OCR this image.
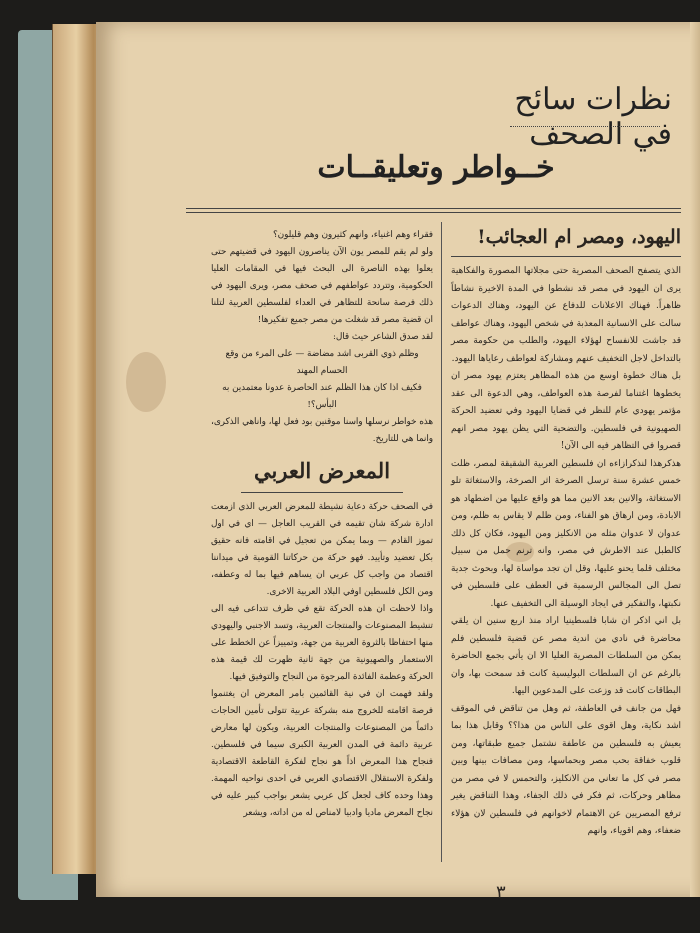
نظرات سائح في الصحف
خــواطر وتعليقــات
اليهود، ومصر ام العجائب!

الذي يتصفح الصحف المصرية حتى مجلاتها المصورة والفكاهية يرى ان اليهود في مصر قد نشطوا في المدة الاخيرة نشاطاً ظاهراً. فهناك الاعلانات للدفاع عن اليهود، وهناك الدعوات سالت على الانسانية المعذبة في شخص اليهود، وهناك عواطف قد جاشت للانفساح لهؤلاء اليهود، والطلب من حكومة مصر بالتداخل لاجل التخفيف عنهم ومشاركة لعواطف رعاياها اليهود.

بل هناك خطوة اوسع من هذه المظاهر يعتزم يهود مصر ان يخطوها اغتناما لفرصة هذه العواطف، وهي الدعوة الى عقد مؤتمر يهودي عام للنظر في قضايا اليهود وفي تعضيد الحركة الصهيونية في فلسطين. والتضحية التي يظن يهود مصر انهم قصروا في التظاهر فيه الى الآن!

هذكرهذا لنذكرازاءه ان فلسطين العربية الشقيقة لمصر، ظلت خمس عشرة سنة ترسل الصرخة اثر الصرخة، والاستغاثة تلو الاستغاثة، والانين بعد الانين مما هو واقع عليها من اضطهاد هو الابادة، ومن ارهاق هو الفناء، ومن ظلم لا يقاس به ظلم، ومن عدوان لا عدوان مثله من الانكليز ومن اليهود، فكان كل ذلك كالطبل عند الاطرش في مصر، وانه ترنم حمل من سبيل مختلف قلما يحنو عليها، وقل ان تجد مواساة لها، وبحوث جدية تصل الى المجالس الرسمية في العطف على فلسطين في نكبتها، والتفكير في ايجاد الوسيلة الى التخفيف عنها.

بل اني اذكر ان شابا فلسطينيا اراد منذ اربع سنين ان يلقي محاضرة في نادي من اندية مصر عن قضية فلسطين فلم يمكن من السلطات المصرية العليا الا ان يأتي بجمع الحاضرة بالرغم عن ان السلطات البوليسية كانت قد سمحت بها، وان البطاقات كانت قد وزعت على المدعوين اليها.

فهل من جانف في العاطفة، ثم وهل من تناقض في الموقف اشد نكاية، وهل اقوى على الناس من هذا؟؟ وقابل هذا بما يعيش به فلسطين من عاطفة نشتمل جميع طبقاتها، ومن قلوب خفاقة بحب مصر وبحماسها، ومن مصافات بينها وبين مصر في كل ما تعاني من الانكليز، والتحمس لا في مصر من مظاهر وحركات، ثم فكر في ذلك الجفاء، وهذا التناقض يغير ترفع المصريين عن الاهتمام لاخوانهم في فلسطين لان هؤلاء ضعفاء، وهم اقوياء، وانهم

فقراء وهم اغنياء، وانهم كثيرون وهم قليلون؟

ولو لم يقم للمصر يون الآن يناصرون اليهود في قضيتهم حتى يعلوا بهذه الناصرة الى البحث فيها في المقامات العليا الحكومية، وتتردد عواطفهم في صحف مصر، ويرى اليهود في ذلك فرصة سانحة للتظاهر في العداء لفلسطين العربية لتلنا ان قضية مصر قد شغلت من مصر جميع تفكيرها!

لقد صدق الشاعر حيث قال:

وظلم ذوي القربى اشد مضاضة — على المرء من وقع الحسام المهند

فكيف اذا كان هذا الظلم عند الحاصرة عدونا معتمدين به البأس؟!

هذه خواطر نرسلها واسنا موقنين بود فعل لها، واناهي الذكرى، وانما هي للتاريخ.

المعرض العربي

في الصحف حركة دعاية نشيطة للمعرض العربي الذي ازمعت ادارة شركة شان تقيمه في القريب العاجل — اي في اول تموز القادم — وبما يمكن من تعجيل في اقامته فانه حقيق بكل تعضيد وتأييد. فهو حركة من حركاتنا القومية في ميداننا اقتصاد من واجب كل عربي ان يساهم فيها بما له وعطفه، ومن الكل فلسطين اوفي البلاد العربية الاخرى.

واذا لاحظت ان هذه الحركة تقع في ظرف تتداعى فيه الى تنشيط المصنوعات والمنتجات العربية، وتسد الاجنبي واليهودي منها احتفاظا بالثروة العربية من جهة، وتمييزاً عن الخطط على الاستعمار والصهيونية من جهة ثانية ظهرت لك قيمة هذه الحركة وعظمة الفائدة المرجوة من النجاح والتوفيق فيها.

ولقد فهمت ان في نية القائمين بامر المعرض ان يغتنموا فرصة اقامته للخروج منه بشركة عربية تتولى تأمين الحاجات دائماً من المصنوعات والمنتجات العربية، ويكون لها معارض عربية دائمة في المدن العربية الكبرى سيما في فلسطين. فنجاح هذا المعرض اذاً هو نجاح لفكرة القاطعة الاقتصادية ولفكرة الاستقلال الاقتصادي العربي في احدى نواحيه المهمة. وهذا وحده كاف لجعل كل عربي يشعر بواجب كبير عليه في نجاح المعرض ماديا وادبيا لامناص له من اداته، ويشعر

٣
